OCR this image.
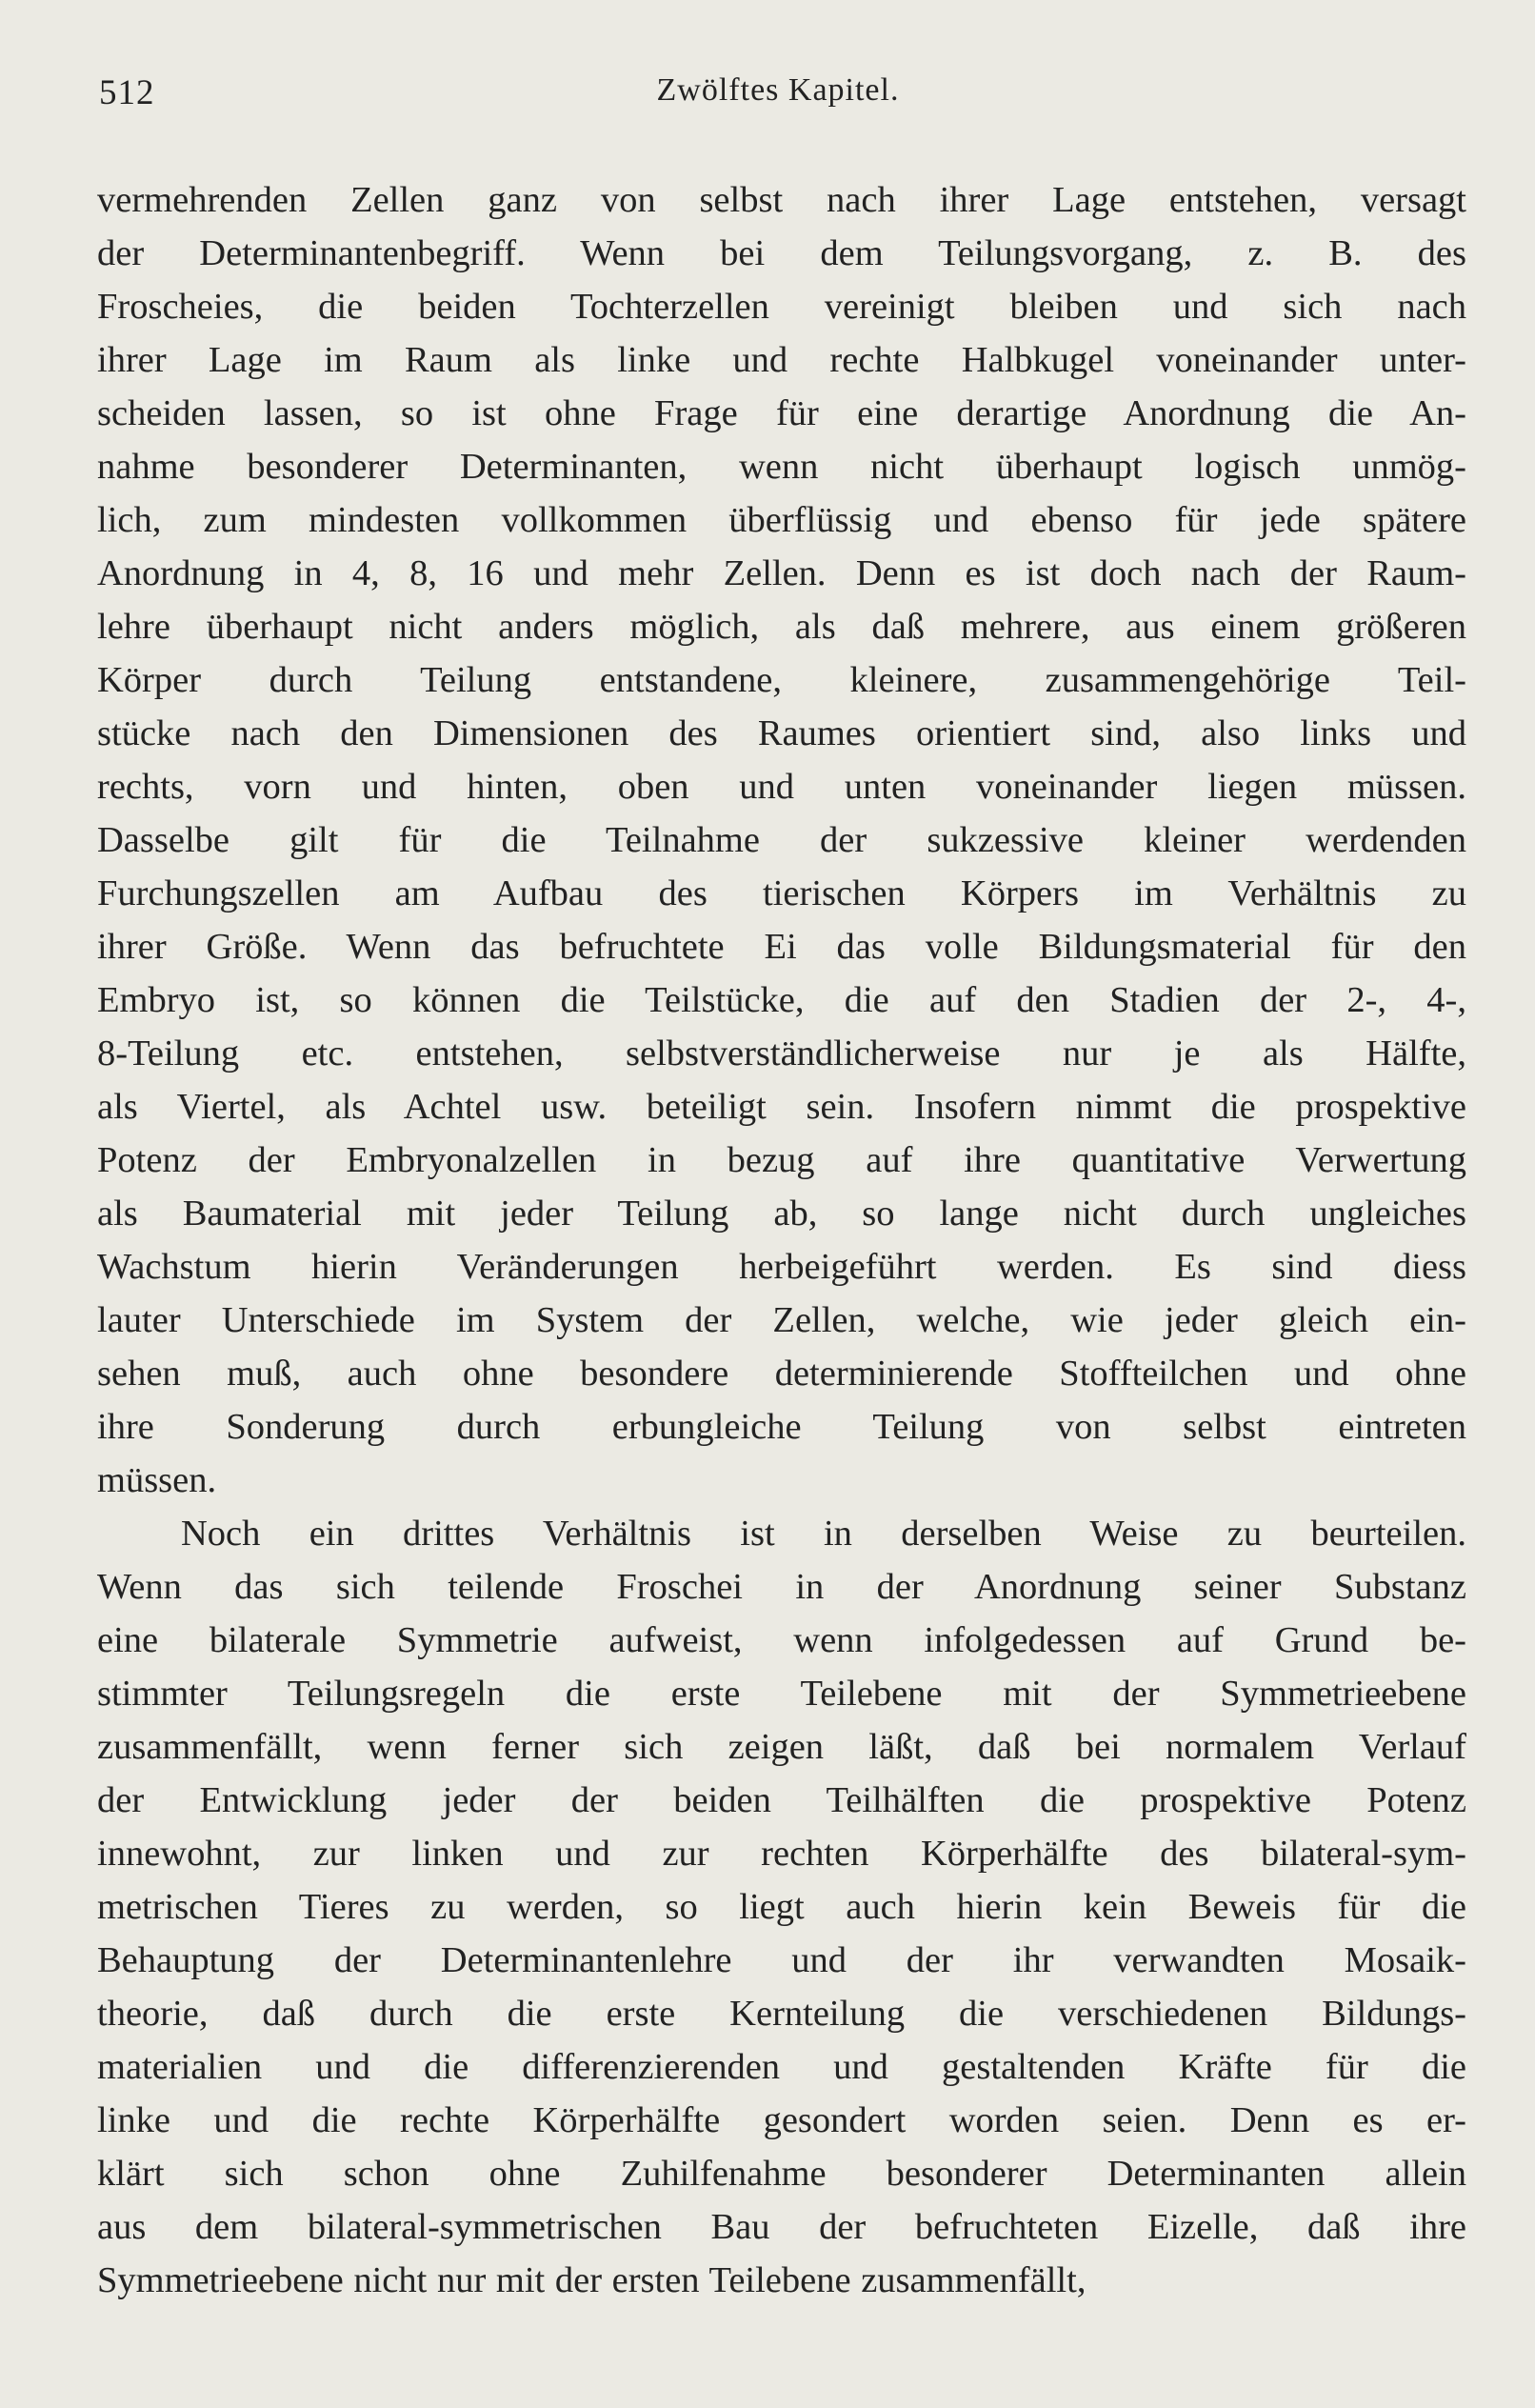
512	Zwölftes Kapitel.
vermehrenden Zellen ganz von selbst nach ihrer Lage entstehen, versagt
der Determinantenbegriff. Wenn bei dem Teilungsvorgang, z. B. des
Froscheies, die beiden Tochterzellen vereinigt bleiben und sich nach
ihrer Lage im Raum als linke und rechte Halbkugel voneinander unter-
scheiden lassen, so ist ohne Frage für eine derartige Anordnung die An-
nahme besonderer Determinanten, wenn nicht überhaupt logisch unmög-
lich, zum mindesten vollkommen überflüssig und ebenso für jede spätere
Anordnung in 4, 8, 16 und mehr Zellen. Denn es ist doch nach der Raum-
lehre überhaupt nicht anders möglich, als daß mehrere, aus einem größeren
Körper durch Teilung entstandene, kleinere, zusammengehörige Teil-
stücke nach den Dimensionen des Raumes orientiert sind, also links und
rechts, vorn und hinten, oben und unten voneinander liegen müssen.
Dasselbe gilt für die Teilnahme der sukzessive kleiner werdenden
Furchungszellen am Aufbau des tierischen Körpers im Verhältnis zu
ihrer Größe. Wenn das befruchtete Ei das volle Bildungsmaterial für den
Embryo ist, so können die Teilstücke, die auf den Stadien der 2-, 4-,
8-Teilung etc. entstehen, selbstverständlicherweise nur je als Hälfte,
als Viertel, als Achtel usw. beteiligt sein. Insofern nimmt die prospektive
Potenz der Embryonalzellen in bezug auf ihre quantitative Verwertung
als Baumaterial mit jeder Teilung ab, so lange nicht durch ungleiches
Wachstum hierin Veränderungen herbeigeführt werden. Es sind diess
lauter Unterschiede im System der Zellen, welche, wie jeder gleich ein-
sehen muß, auch ohne besondere determinierende Stoffteilchen und ohne
ihre Sonderung durch erbungleiche Teilung von selbst eintreten
müssen.
Noch ein drittes Verhältnis ist in derselben Weise zu beurteilen.
Wenn das sich teilende Froschei in der Anordnung seiner Substanz
eine bilaterale Symmetrie aufweist, wenn infolgedessen auf Grund be-
stimmter Teilungsregeln die erste Teilebene mit der Symmetrieebene
zusammenfällt, wenn ferner sich zeigen läßt, daß bei normalem Verlauf
der Entwicklung jeder der beiden Teilhälften die prospektive Potenz
innewohnt, zur linken und zur rechten Körperhälfte des bilateral-sym-
metrischen Tieres zu werden, so liegt auch hierin kein Beweis für die
Behauptung der Determinantenlehre und der ihr verwandten Mosaik-
theorie, daß durch die erste Kernteilung die verschiedenen Bildungs-
materialien und die differenzierenden und gestaltenden Kräfte für die
linke und die rechte Körperhälfte gesondert worden seien. Denn es er-
klärt sich schon ohne Zuhilfenahme besonderer Determinanten allein
aus dem bilateral-symmetrischen Bau der befruchteten Eizelle, daß ihre
Symmetrieebene nicht nur mit der ersten Teilebene zusammenfällt,
